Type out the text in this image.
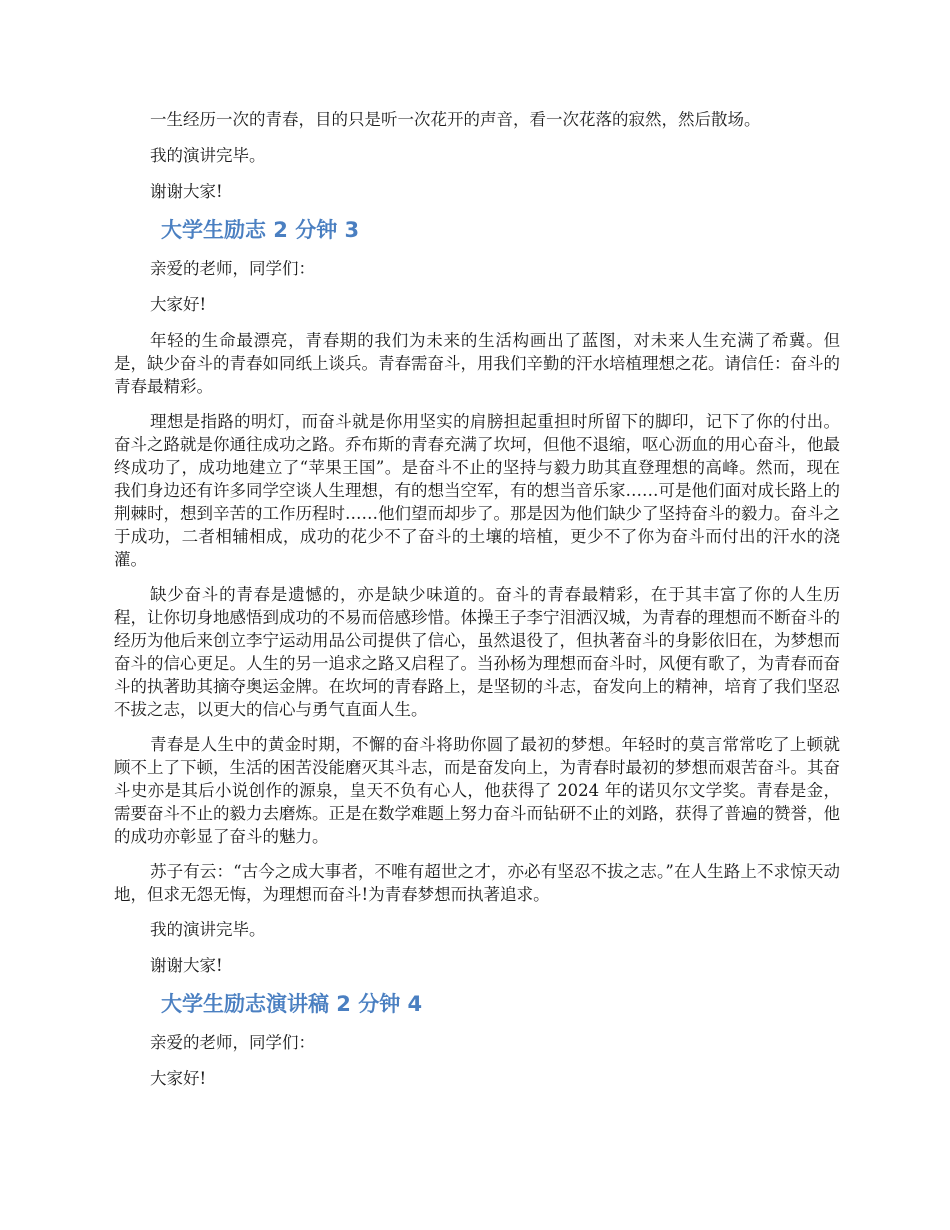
一生经历一次的青春，目的只是听一次花开的声音，看一次花落的寂然，然后散场。

我的演讲完毕。

谢谢大家!

大学生励志 2 分钟 3

亲爱的老师，同学们：

大家好!

年轻的生命最漂亮，青春期的我们为未来的生活构画出了蓝图，对未来人生充满了希冀。但是，缺少奋斗的青春如同纸上谈兵。青春需奋斗，用我们辛勤的汗水培植理想之花。请信任：奋斗的青春最精彩。

理想是指路的明灯，而奋斗就是你用坚实的肩膀担起重担时所留下的脚印，记下了你的付出。奋斗之路就是你通往成功之路。乔布斯的青春充满了坎坷，但他不退缩，呕心沥血的用心奋斗，他最终成功了，成功地建立了“苹果王国”。是奋斗不止的坚持与毅力助其直登理想的高峰。然而，现在我们身边还有许多同学空谈人生理想，有的想当空军，有的想当音乐家……可是他们面对成长路上的荆棘时，想到辛苦的工作历程时……他们望而却步了。那是因为他们缺少了坚持奋斗的毅力。奋斗之于成功，二者相辅相成，成功的花少不了奋斗的土壤的培植，更少不了你为奋斗而付出的汗水的浇灌。

缺少奋斗的青春是遗憾的，亦是缺少味道的。奋斗的青春最精彩，在于其丰富了你的人生历程，让你切身地感悟到成功的不易而倍感珍惜。体操王子李宁泪洒汉城，为青春的理想而不断奋斗的经历为他后来创立李宁运动用品公司提供了信心，虽然退役了，但执著奋斗的身影依旧在，为梦想而奋斗的信心更足。人生的另一追求之路又启程了。当孙杨为理想而奋斗时，风便有歌了，为青春而奋斗的执著助其摘夺奥运金牌。在坎坷的青春路上，是坚韧的斗志，奋发向上的精神，培育了我们坚忍不拔之志，以更大的信心与勇气直面人生。

青春是人生中的黄金时期，不懈的奋斗将助你圆了最初的梦想。年轻时的莫言常常吃了上顿就顾不上了下顿，生活的困苦没能磨灭其斗志，而是奋发向上，为青春时最初的梦想而艰苦奋斗。其奋斗史亦是其后小说创作的源泉，皇天不负有心人，他获得了 2024 年的诺贝尔文学奖。青春是金，需要奋斗不止的毅力去磨炼。正是在数学难题上努力奋斗而钻研不止的刘路，获得了普遍的赞誉，他的成功亦彰显了奋斗的魅力。

苏子有云：“古今之成大事者，不唯有超世之才，亦必有坚忍不拔之志。”在人生路上不求惊天动地，但求无怨无悔，为理想而奋斗!为青春梦想而执著追求。

我的演讲完毕。

谢谢大家!

大学生励志演讲稿 2 分钟 4

亲爱的老师，同学们：

大家好!
